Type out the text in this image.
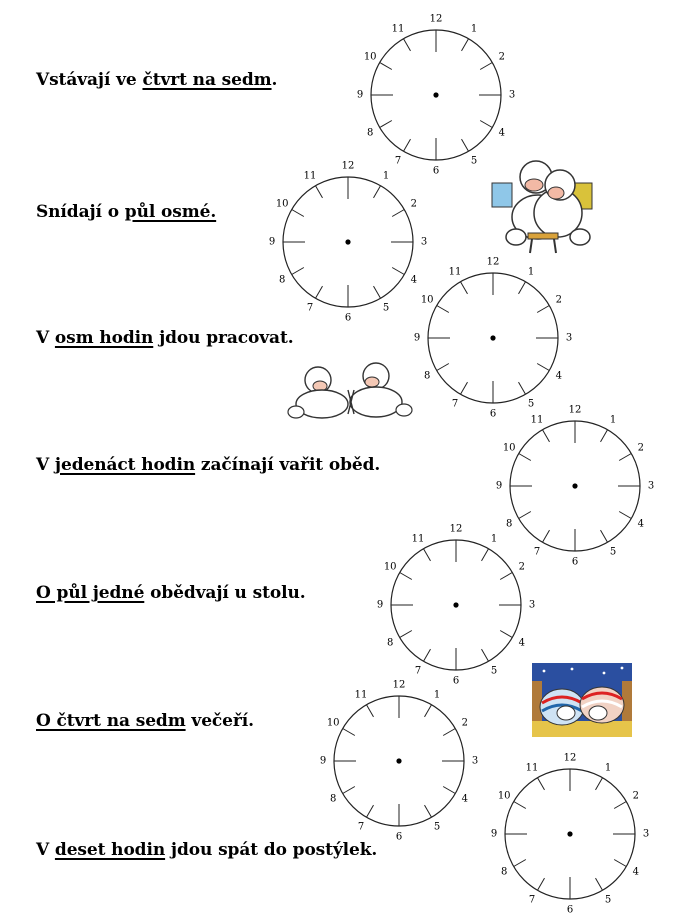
Vstávají ve čtvrt na sedm.
Snídají o půl osmé.
V osm hodin jdou pracovat.
V jedenáct hodin začínají vařit oběd.
O půl jedné obědvají u stolu.
O čtvrt na sedm večeří.
V deset hodin jdou spát do postýlek.
12
1
2
3
4
5
6
7
8
9
10
11
12
1
2
3
4
5
6
7
8
9
10
11
12
1
2
3
4
5
6
7
8
9
10
11
12
1
2
3
4
5
6
7
8
9
10
11
12
1
2
3
4
5
6
7
8
9
10
11
12
1
2
3
4
5
6
7
8
9
10
11
12
1
2
3
4
5
6
7
8
9
10
11
